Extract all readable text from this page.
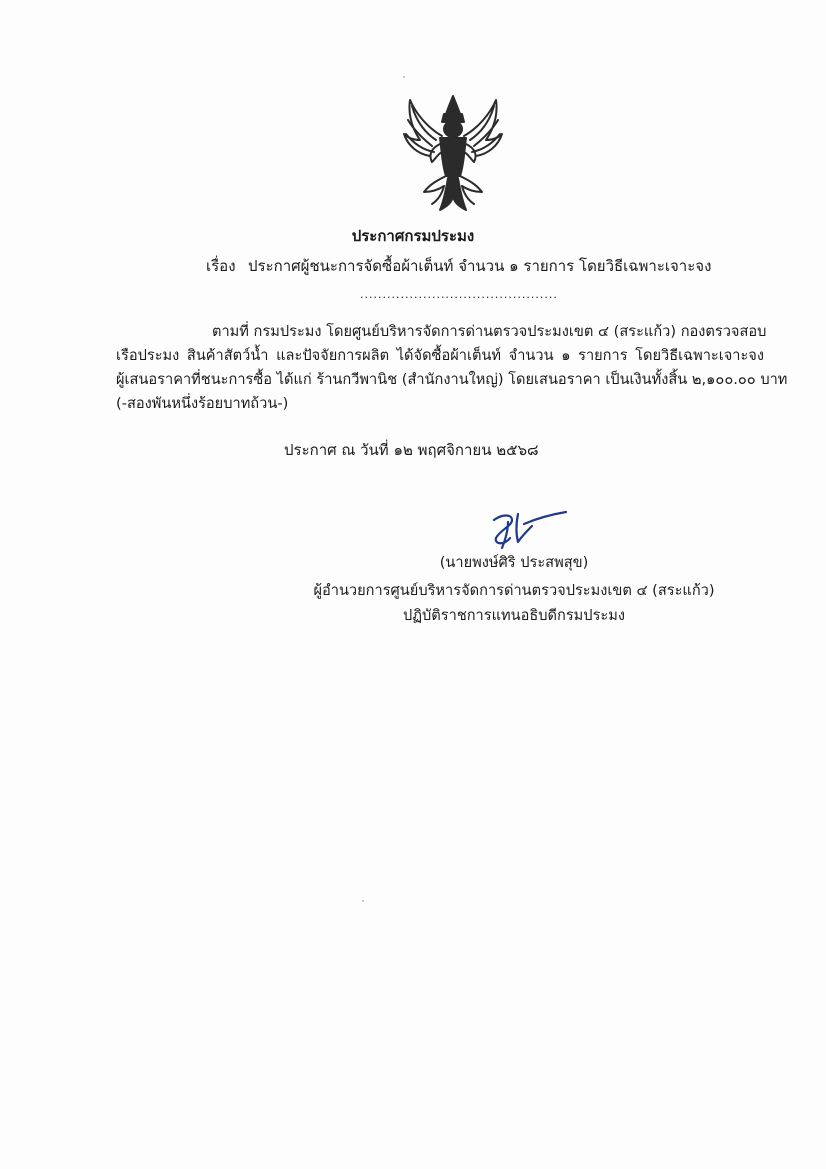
ประกาศกรมประมง
เรื่อง ประกาศผู้ชนะการจัดซื้อผ้าเต็นท์ จำนวน ๑ รายการ โดยวิธีเฉพาะเจาะจง
............................................
ตามที่ กรมประมง โดยศูนย์บริหารจัดการด่านตรวจประมงเขต ๔ (สระแก้ว) กองตรวจสอบ
เรือประมง สินค้าสัตว์น้ำ และปัจจัยการผลิต ได้จัดซื้อผ้าเต็นท์ จำนวน ๑ รายการ โดยวิธีเฉพาะเจาะจง
ผู้เสนอราคาที่ชนะการซื้อ ได้แก่ ร้านกวีพานิช (สำนักงานใหญ่) โดยเสนอราคา เป็นเงินทั้งสิ้น ๒,๑๐๐.๐๐ บาท
(-สองพันหนึ่งร้อยบาทถ้วน-)
ประกาศ ณ วันที่ ๑๒ พฤศจิกายน ๒๕๖๘
(นายพงษ์ศิริ ประสพสุข)
ผู้อำนวยการศูนย์บริหารจัดการด่านตรวจประมงเขต ๔ (สระแก้ว)
ปฏิบัติราชการแทนอธิบดีกรมประมง
